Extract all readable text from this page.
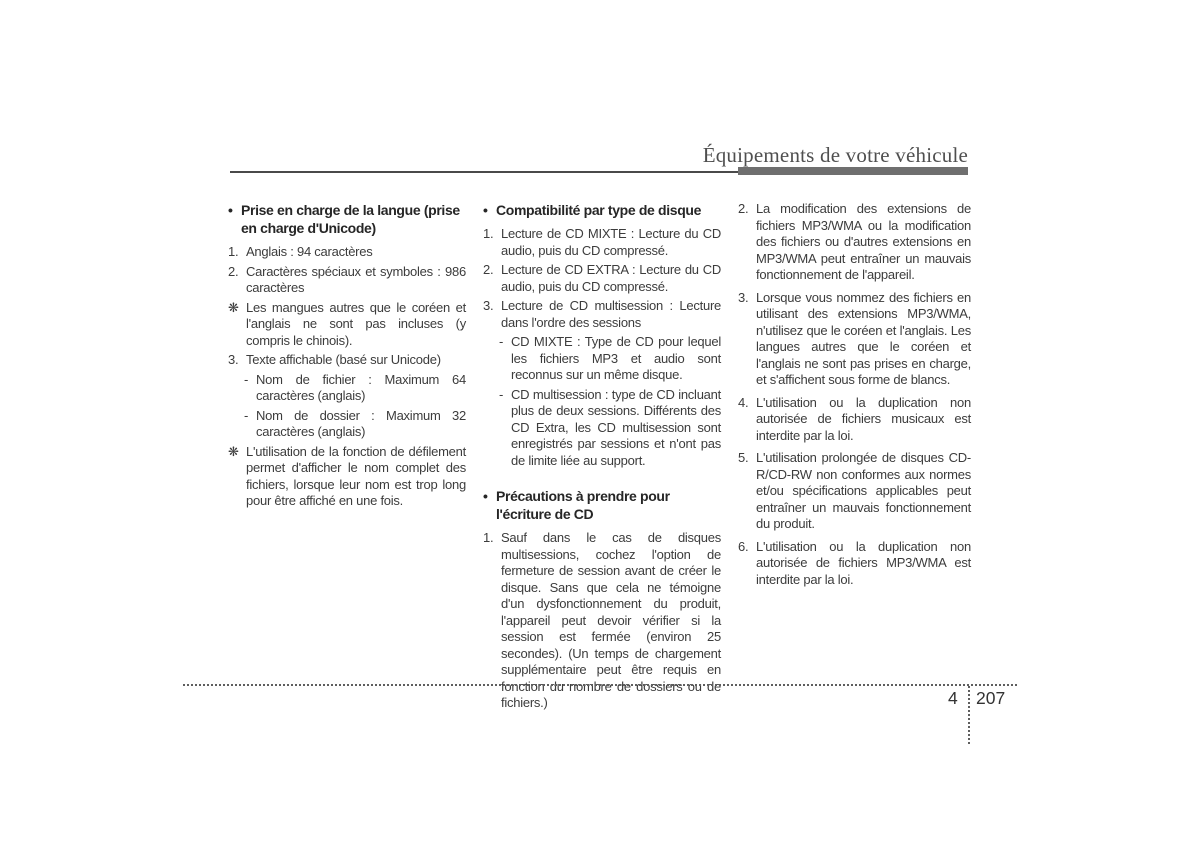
Équipements de votre véhicule
• Prise en charge de la langue (prise en charge d'Unicode)
1. Anglais : 94 caractères
2. Caractères spéciaux et symboles : 986 caractères
❋ Les mangues autres que le coréen et l'anglais ne sont pas incluses (y compris le chinois).
3. Texte affichable (basé sur Unicode)
- Nom de fichier : Maximum 64 caractères (anglais)
- Nom de dossier : Maximum 32 caractères (anglais)
❋ L'utilisation de la fonction de défilement permet d'afficher le nom complet des fichiers, lorsque leur nom est trop long pour être affiché en une fois.
• Compatibilité par type de disque
1. Lecture de CD MIXTE : Lecture du CD audio, puis du CD compressé.
2. Lecture de CD EXTRA : Lecture du CD audio, puis du CD compressé.
3. Lecture de CD multisession : Lecture dans l'ordre des sessions
- CD MIXTE : Type de CD pour lequel les fichiers MP3 et audio sont reconnus sur un même disque.
- CD multisession : type de CD incluant plus de deux sessions. Différents des CD Extra, les CD multisession sont enregistrés par sessions et n'ont pas de limite liée au support.
• Précautions à prendre pour l'écriture de CD
1. Sauf dans le cas de disques multisessions, cochez l'option de fermeture de session avant de créer le disque. Sans que cela ne témoigne d'un dysfonctionnement du produit, l'appareil peut devoir vérifier si la session est fermée (environ 25 secondes). (Un temps de chargement supplémentaire peut être requis en fonction du nombre de dossiers ou de fichiers.)
2. La modification des extensions de fichiers MP3/WMA ou la modification des fichiers ou d'autres extensions en MP3/WMA peut entraîner un mauvais fonctionnement de l'appareil.
3. Lorsque vous nommez des fichiers en utilisant des extensions MP3/WMA, n'utilisez que le coréen et l'anglais. Les langues autres que le coréen et l'anglais ne sont pas prises en charge, et s'affichent sous forme de blancs.
4. L'utilisation ou la duplication non autorisée de fichiers musicaux est interdite par la loi.
5. L'utilisation prolongée de disques CD-R/CD-RW non conformes aux normes et/ou spécifications applicables peut entraîner un mauvais fonctionnement du produit.
6. L'utilisation ou la duplication non autorisée de fichiers MP3/WMA est interdite par la loi.
4 207
